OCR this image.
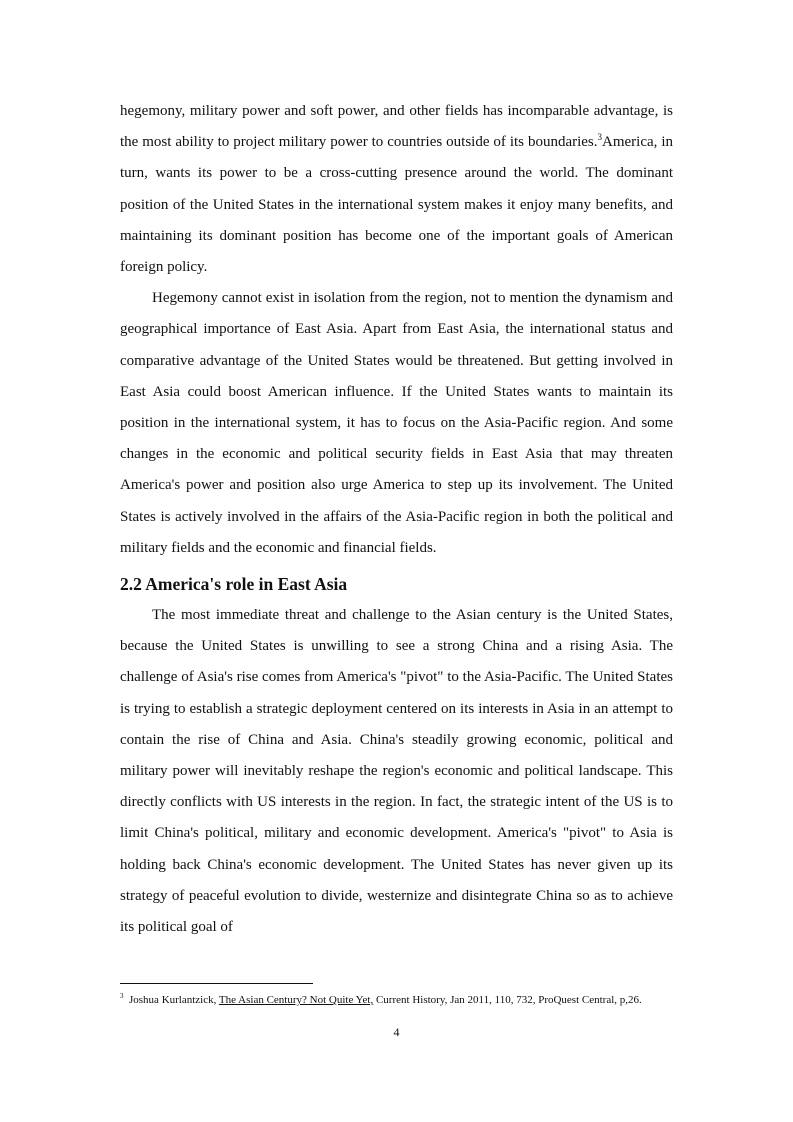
hegemony, military power and soft power, and other fields has incomparable advantage, is the most ability to project military power to countries outside of its boundaries.$^3$America, in turn, wants its power to be a cross-cutting presence around the world. The dominant position of the United States in the international system makes it enjoy many benefits, and maintaining its dominant position has become one of the important goals of American foreign policy.

Hegemony cannot exist in isolation from the region, not to mention the dynamism and geographical importance of East Asia. Apart from East Asia, the international status and comparative advantage of the United States would be threatened. But getting involved in East Asia could boost American influence. If the United States wants to maintain its position in the international system, it has to focus on the Asia-Pacific region. And some changes in the economic and political security fields in East Asia that may threaten America's power and position also urge America to step up its involvement. The United States is actively involved in the affairs of the Asia-Pacific region in both the political and military fields and the economic and financial fields.

2.2 America's role in East Asia

The most immediate threat and challenge to the Asian century is the United States, because the United States is unwilling to see a strong China and a rising Asia. The challenge of Asia's rise comes from America's "pivot" to the Asia-Pacific. The United States is trying to establish a strategic deployment centered on its interests in Asia in an attempt to contain the rise of China and Asia. China's steadily growing economic, political and military power will inevitably reshape the region's economic and political landscape. This directly conflicts with US interests in the region. In fact, the strategic intent of the US is to limit China's political, military and economic development. America's "pivot" to Asia is holding back China's economic development. The United States has never given up its strategy of peaceful evolution to divide, westernize and disintegrate China so as to achieve its political goal of

$^3$ Joshua Kurlantzick, The Asian Century? Not Quite Yet, Current History, Jan 2011, 110, 732, ProQuest Central, p,26.
4
